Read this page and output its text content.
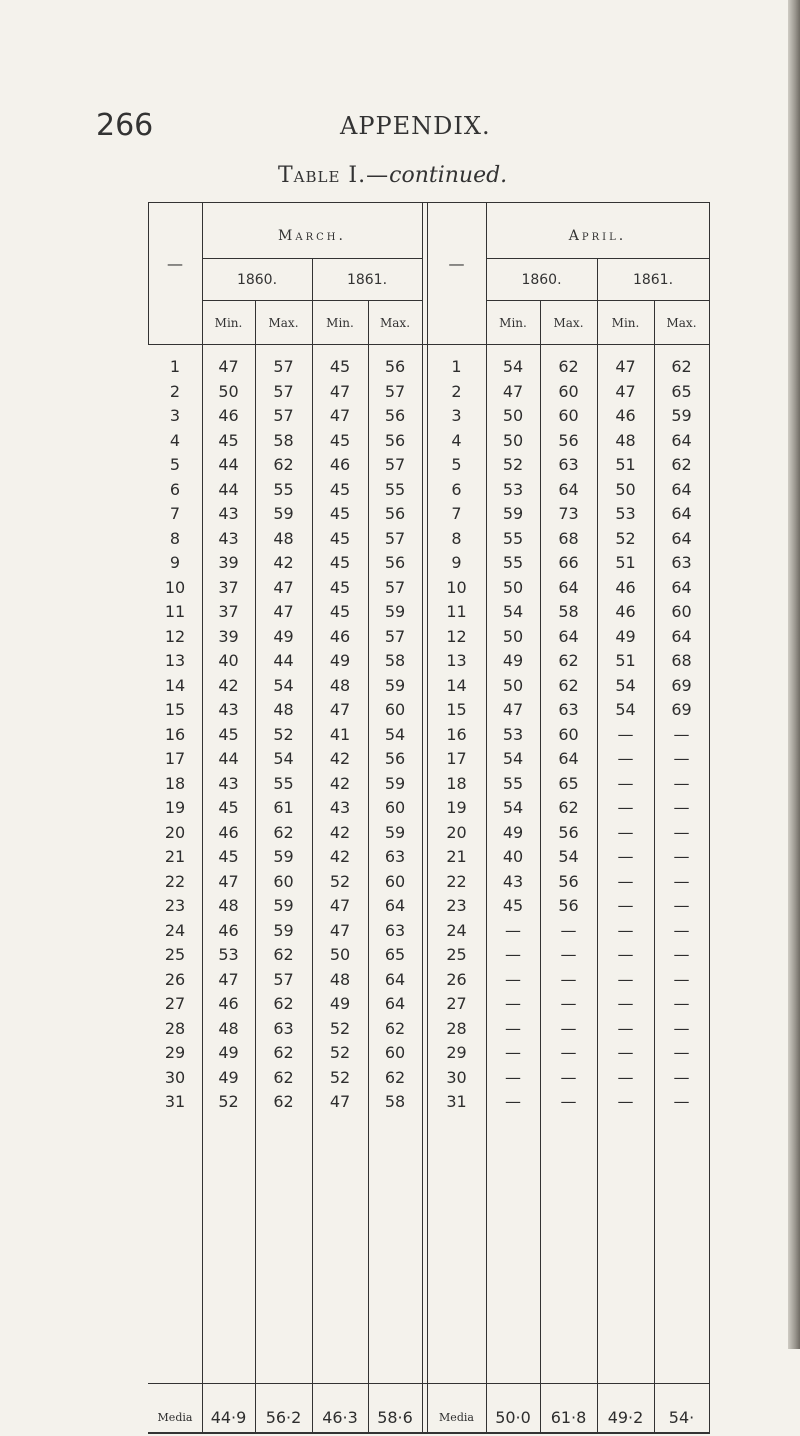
266	APPENDIX.
Table I.—continued.
March.	April.
—	—
1860.	1861.	1860.	1861.
Min.	Max.	Min.	Max.	Min.	Max.	Min.	Max.
1	47	57	45	56	1	54	62	47	62
2	50	57	47	57	2	47	60	47	65
3	46	57	47	56	3	50	60	46	59
4	45	58	45	56	4	50	56	48	64
5	44	62	46	57	5	52	63	51	62
6	44	55	45	55	6	53	64	50	64
7	43	59	45	56	7	59	73	53	64
8	43	48	45	57	8	55	68	52	64
9	39	42	45	56	9	55	66	51	63
10	37	47	45	57	10	50	64	46	64
11	37	47	45	59	11	54	58	46	60
12	39	49	46	57	12	50	64	49	64
13	40	44	49	58	13	49	62	51	68
14	42	54	48	59	14	50	62	54	69
15	43	48	47	60	15	47	63	54	69
16	45	52	41	54	16	53	60	—	—
17	44	54	42	56	17	54	64	—	—
18	43	55	42	59	18	55	65	—	—
19	45	61	43	60	19	54	62	—	—
20	46	62	42	59	20	49	56	—	—
21	45	59	42	63	21	40	54	—	—
22	47	60	52	60	22	43	56	—	—
23	48	59	47	64	23	45	56	—	—
24	46	59	47	63	24	—	—	—	—
25	53	62	50	65	25	—	—	—	—
26	47	57	48	64	26	—	—	—	—
27	46	62	49	64	27	—	—	—	—
28	48	63	52	62	28	—	—	—	—
29	49	62	52	60	29	—	—	—	—
30	49	62	52	62	30	—	—	—	—
31	52	62	47	58	31	—	—	—	—
Media	44·9	56·2	46·3	58·6	Media	50·0	61·8	49·2	54·
